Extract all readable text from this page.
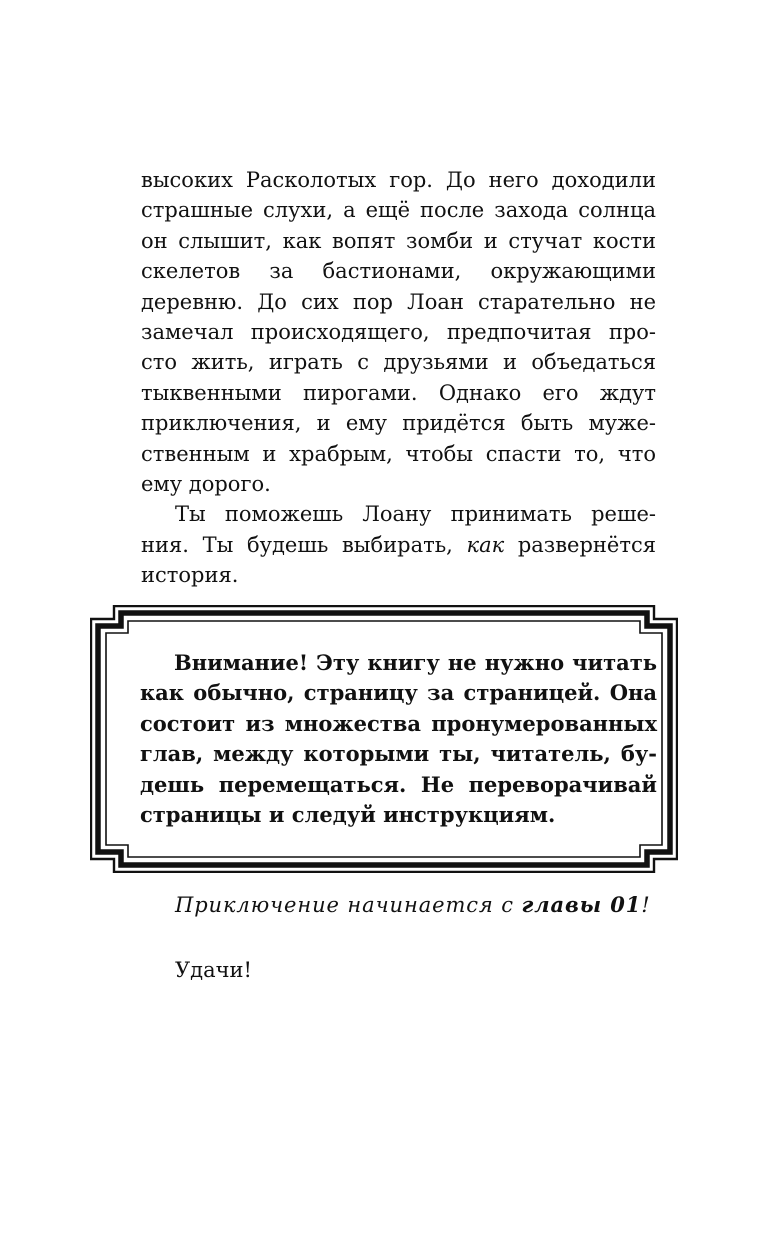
высоких Расколотых гор. До него доходили
страшные слухи, а ещё после захода солнца
он слышит, как вопят зомби и стучат кости
скелетов за бастионами, окружающими
деревню. До сих пор Лоан старательно не
замечал происходящего, предпочитая про-
сто жить, играть с друзьями и объедаться
тыквенными пирогами. Однако его ждут
приключения, и ему придётся быть муже-
ственным и храбрым, чтобы спасти то, что
ему дорого.
Ты поможешь Лоану принимать реше-
ния. Ты будешь выбирать, как развернётся
история.
Внимание! Эту книгу не нужно читать
как обычно, страницу за страницей. Она
состоит из множества пронумерованных
глав, между которыми ты, читатель, бу-
дешь перемещаться. Не переворачивай
страницы и следуй инструкциям.
Приключение начинается с главы 01!
Удачи!
